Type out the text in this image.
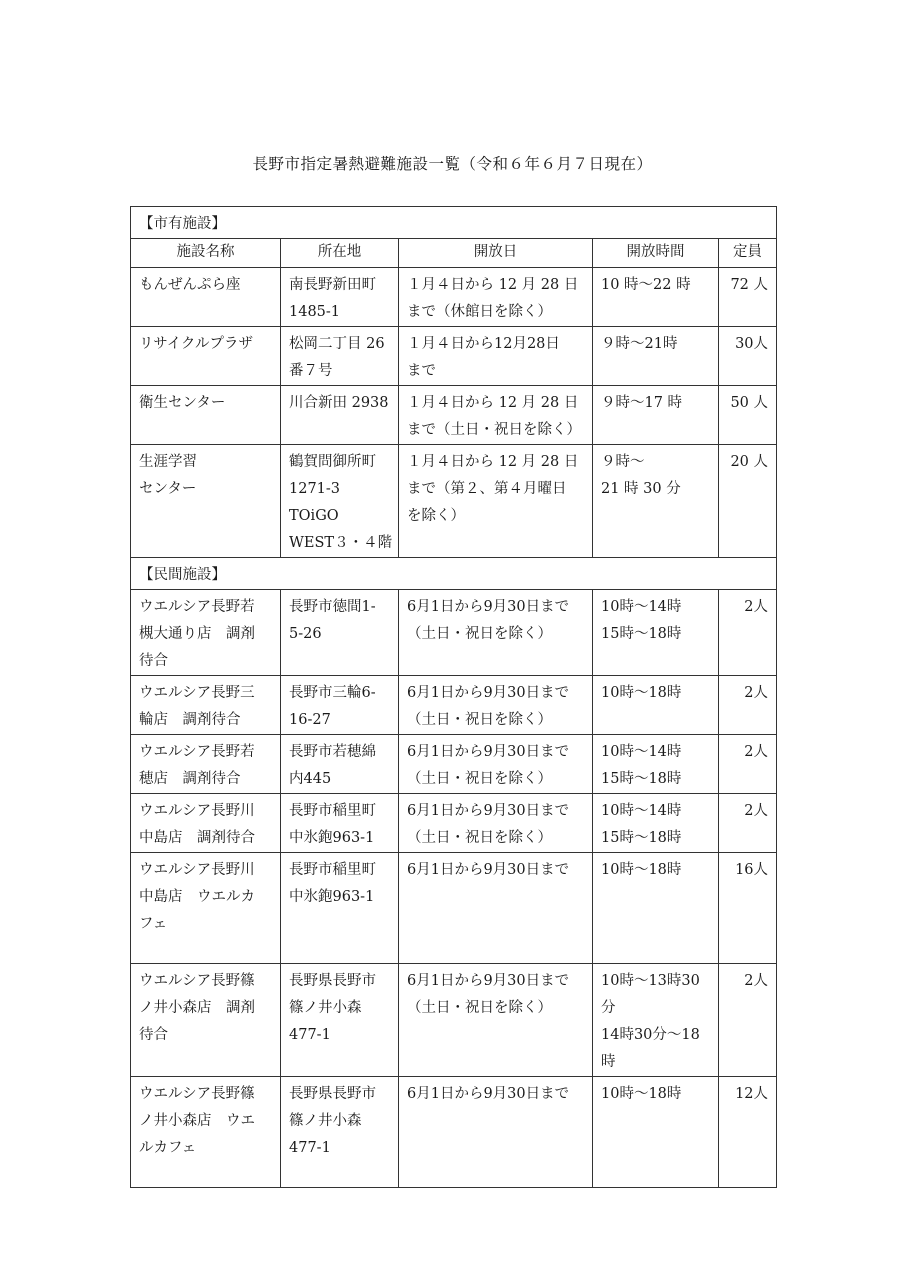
長野市指定暑熱避難施設一覧（令和６年６月７日現在）
【市有施設】				
施設名称	所在地	開放日	開放時間	定員

もんぜんぷら座	南長野新田町
1485-1	１月４日から 12 月 28 日
まで（休館日を除く）	10 時～22 時	72 人

リサイクルプラザ	松岡二丁目 26
番７号	１月４日から12月28日
まで	９時～21時	30人

衛生センター	川合新田 2938	１月４日から 12 月 28 日
まで（土日・祝日を除く）	９時～17 時	50 人

生涯学習
センター	鶴賀問御所町
1271-3
TOiGO
WEST３・４階	１月４日から 12 月 28 日
まで（第２、第４月曜日
を除く）	９時～
21 時 30 分	20 人
【民間施設】				

ウエルシア長野若
槻大通り店　調剤
待合	長野市徳間1-
5-26	6月1日から9月30日まで
（土日・祝日を除く）	10時～14時
15時～18時	2人

ウエルシア長野三
輪店　調剤待合	長野市三輪6-
16-27	6月1日から9月30日まで
（土日・祝日を除く）	10時～18時	2人

ウエルシア長野若
穂店　調剤待合	長野市若穂綿
内445	6月1日から9月30日まで
（土日・祝日を除く）	10時～14時
15時～18時	2人

ウエルシア長野川
中島店　調剤待合	長野市稲里町
中氷鉋963-1	6月1日から9月30日まで
（土日・祝日を除く）	10時～14時
15時～18時	2人

ウエルシア長野川
中島店　ウエルカ
フェ	長野市稲里町
中氷鉋963-1	6月1日から9月30日まで	10時～18時	16人

ウエルシア長野篠
ノ井小森店　調剤
待合	長野県長野市
篠ノ井小森
477-1	6月1日から9月30日まで
（土日・祝日を除く）	10時～13時30
分
14時30分～18
時	2人

ウエルシア長野篠
ノ井小森店　ウエ
ルカフェ	長野県長野市
篠ノ井小森
477-1	6月1日から9月30日まで	10時～18時	12人
